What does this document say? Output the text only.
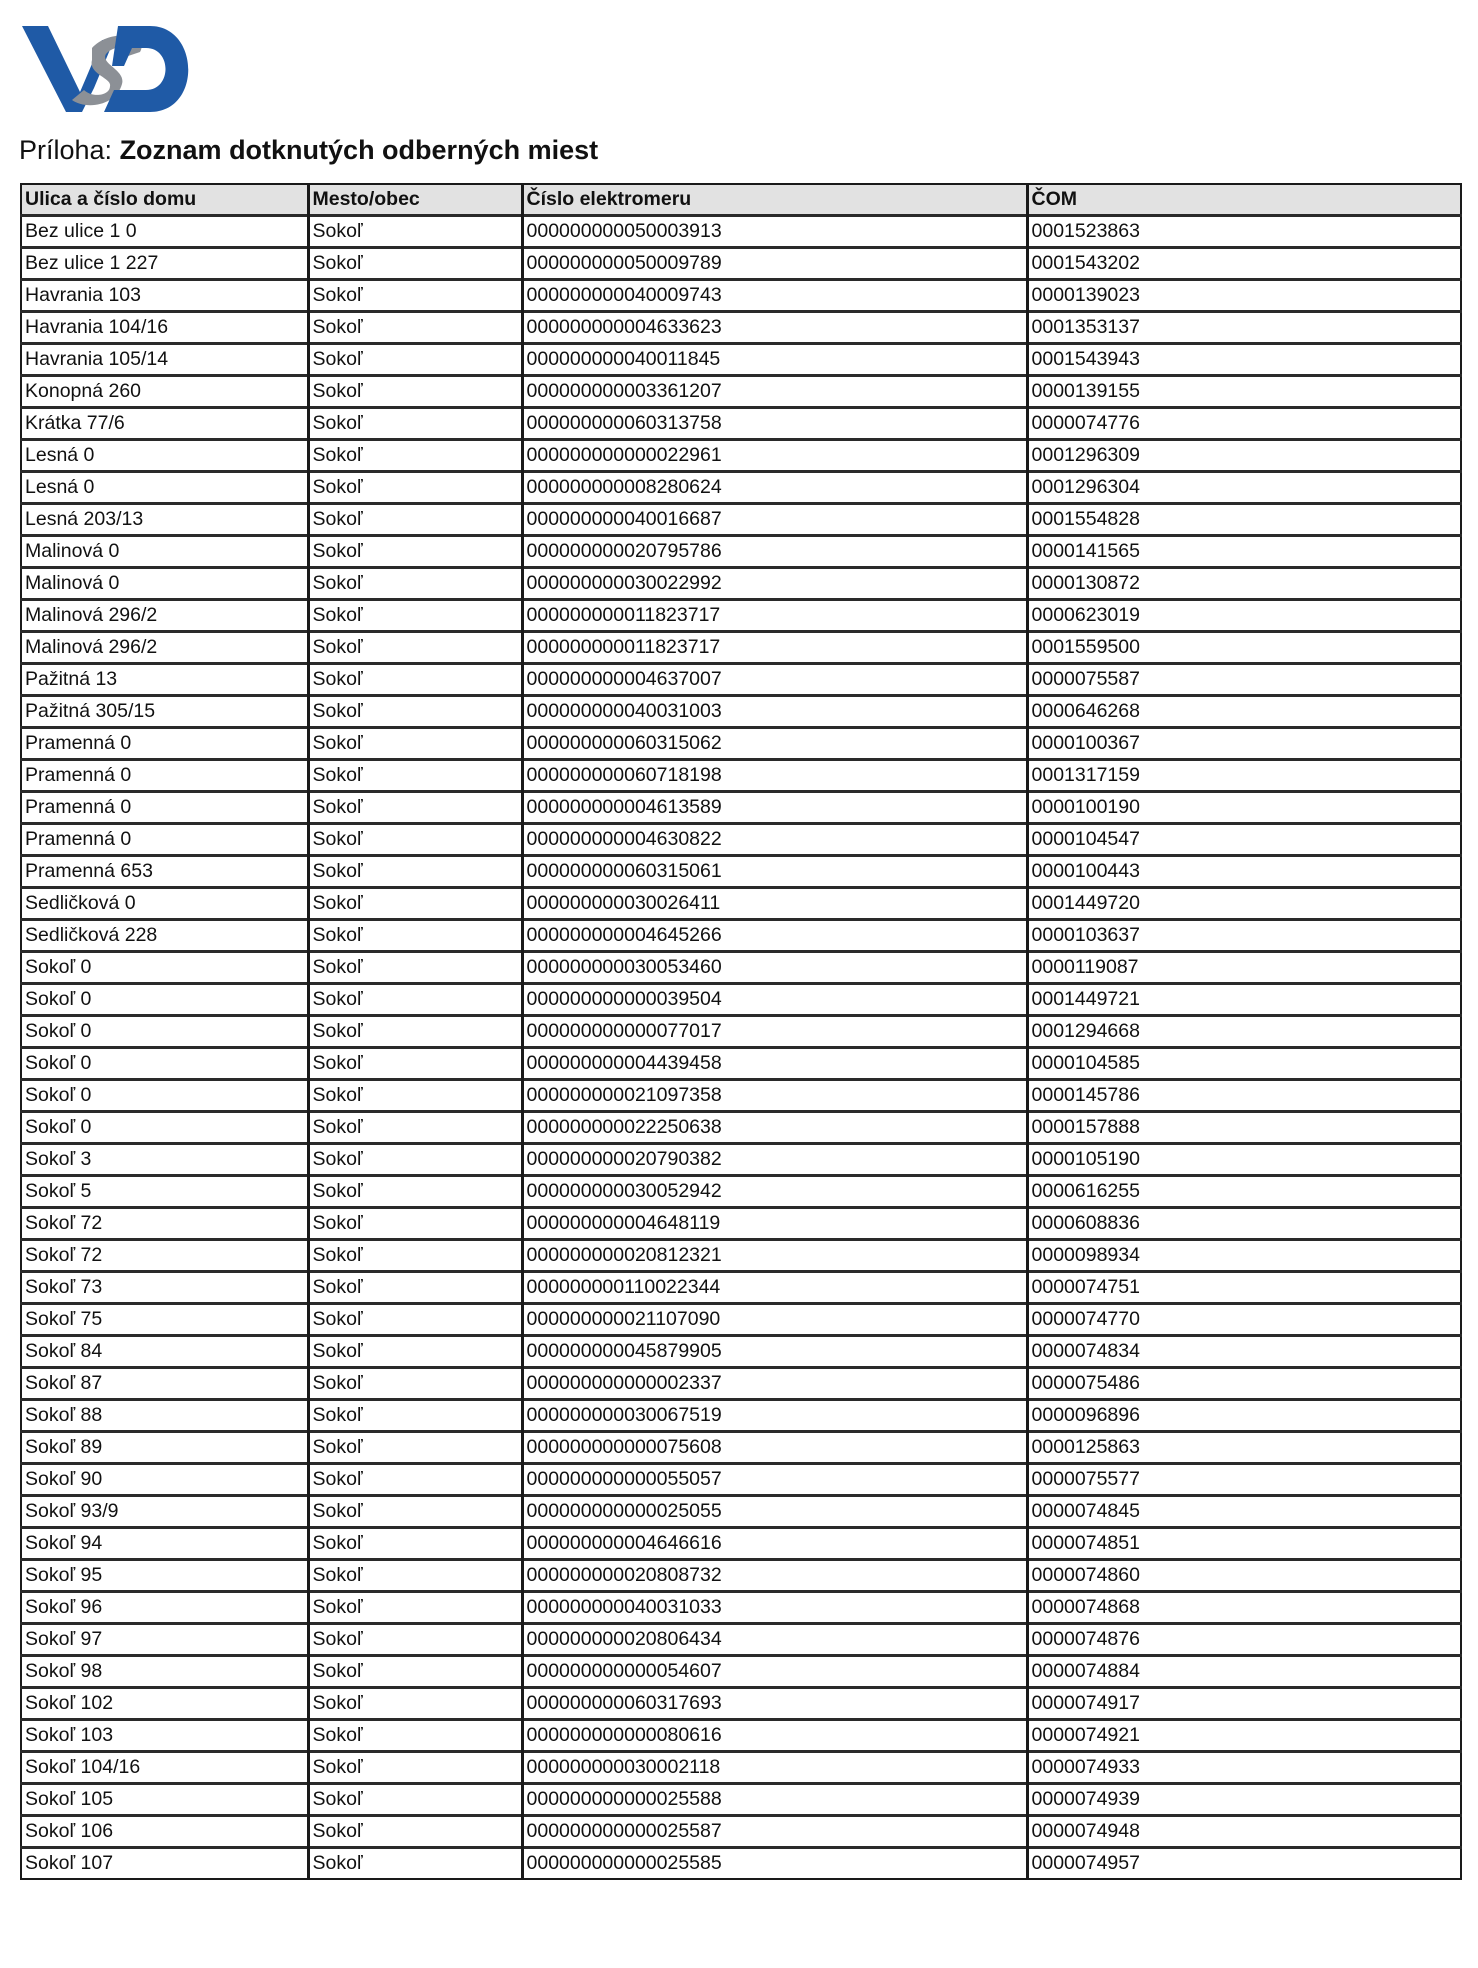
Príloha: Zoznam dotknutých odberných miest
Ulica a číslo domu	Mesto/obec	Číslo elektromeru	ČOM
Bez ulice 1 0	Sokoľ	000000000050003913	0001523863
Bez ulice 1 227	Sokoľ	000000000050009789	0001543202
Havrania 103	Sokoľ	000000000040009743	0000139023
Havrania 104/16	Sokoľ	000000000004633623	0001353137
Havrania 105/14	Sokoľ	000000000040011845	0001543943
Konopná 260	Sokoľ	000000000003361207	0000139155
Krátka 77/6	Sokoľ	000000000060313758	0000074776
Lesná 0	Sokoľ	000000000000022961	0001296309
Lesná 0	Sokoľ	000000000008280624	0001296304
Lesná 203/13	Sokoľ	000000000040016687	0001554828
Malinová 0	Sokoľ	000000000020795786	0000141565
Malinová 0	Sokoľ	000000000030022992	0000130872
Malinová 296/2	Sokoľ	000000000011823717	0000623019
Malinová 296/2	Sokoľ	000000000011823717	0001559500
Pažitná 13	Sokoľ	000000000004637007	0000075587
Pažitná 305/15	Sokoľ	000000000040031003	0000646268
Pramenná 0	Sokoľ	000000000060315062	0000100367
Pramenná 0	Sokoľ	000000000060718198	0001317159
Pramenná 0	Sokoľ	000000000004613589	0000100190
Pramenná 0	Sokoľ	000000000004630822	0000104547
Pramenná 653	Sokoľ	000000000060315061	0000100443
Sedličková 0	Sokoľ	000000000030026411	0001449720
Sedličková 228	Sokoľ	000000000004645266	0000103637
Sokoľ 0	Sokoľ	000000000030053460	0000119087
Sokoľ 0	Sokoľ	000000000000039504	0001449721
Sokoľ 0	Sokoľ	000000000000077017	0001294668
Sokoľ 0	Sokoľ	000000000004439458	0000104585
Sokoľ 0	Sokoľ	000000000021097358	0000145786
Sokoľ 0	Sokoľ	000000000022250638	0000157888
Sokoľ 3	Sokoľ	000000000020790382	0000105190
Sokoľ 5	Sokoľ	000000000030052942	0000616255
Sokoľ 72	Sokoľ	000000000004648119	0000608836
Sokoľ 72	Sokoľ	000000000020812321	0000098934
Sokoľ 73	Sokoľ	000000000110022344	0000074751
Sokoľ 75	Sokoľ	000000000021107090	0000074770
Sokoľ 84	Sokoľ	000000000045879905	0000074834
Sokoľ 87	Sokoľ	000000000000002337	0000075486
Sokoľ 88	Sokoľ	000000000030067519	0000096896
Sokoľ 89	Sokoľ	000000000000075608	0000125863
Sokoľ 90	Sokoľ	000000000000055057	0000075577
Sokoľ 93/9	Sokoľ	000000000000025055	0000074845
Sokoľ 94	Sokoľ	000000000004646616	0000074851
Sokoľ 95	Sokoľ	000000000020808732	0000074860
Sokoľ 96	Sokoľ	000000000040031033	0000074868
Sokoľ 97	Sokoľ	000000000020806434	0000074876
Sokoľ 98	Sokoľ	000000000000054607	0000074884
Sokoľ 102	Sokoľ	000000000060317693	0000074917
Sokoľ 103	Sokoľ	000000000000080616	0000074921
Sokoľ 104/16	Sokoľ	000000000030002118	0000074933
Sokoľ 105	Sokoľ	000000000000025588	0000074939
Sokoľ 106	Sokoľ	000000000000025587	0000074948
Sokoľ 107	Sokoľ	000000000000025585	0000074957
